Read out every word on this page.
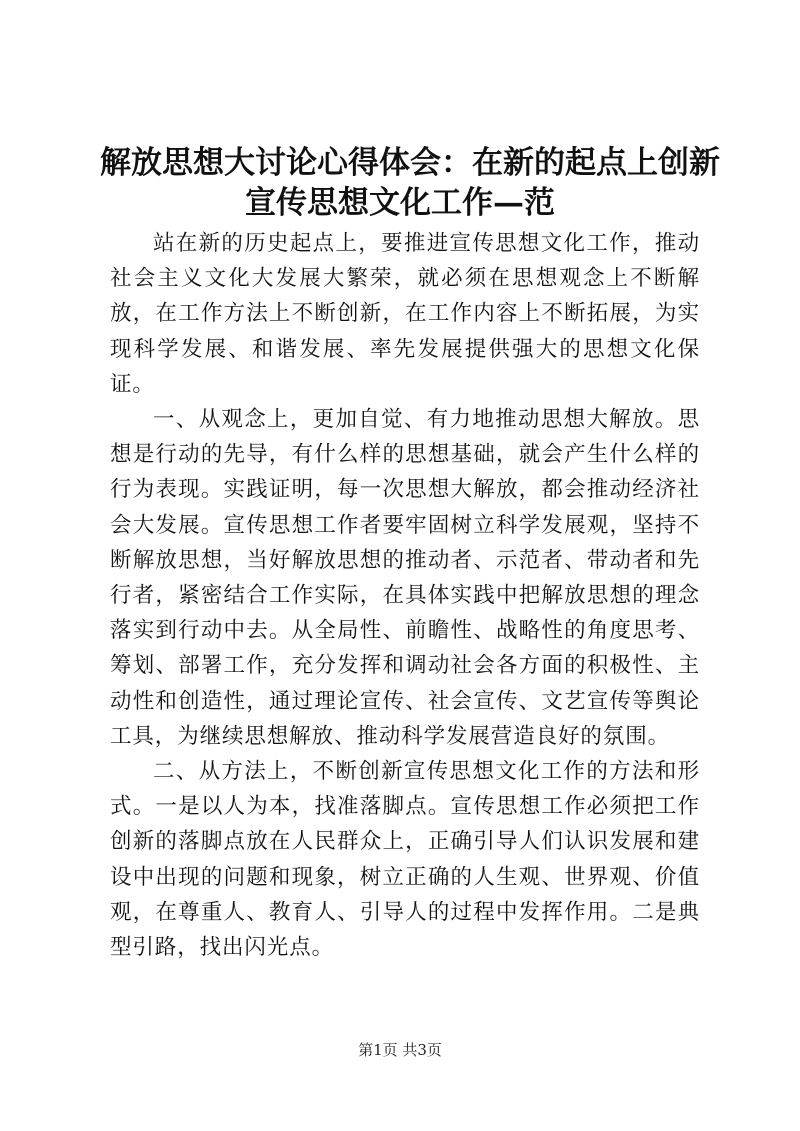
解放思想大讨论心得体会：在新的起点上创新
宣传思想文化工作—范

站在新的历史起点上，要推进宣传思想文化工作，推动社会主义文化大发展大繁荣，就必须在思想观念上不断解放，在工作方法上不断创新，在工作内容上不断拓展，为实现科学发展、和谐发展、率先发展提供强大的思想文化保证。

一、从观念上，更加自觉、有力地推动思想大解放。思想是行动的先导，有什么样的思想基础，就会产生什么样的行为表现。实践证明，每一次思想大解放，都会推动经济社会大发展。宣传思想工作者要牢固树立科学发展观，坚持不断解放思想，当好解放思想的推动者、示范者、带动者和先行者，紧密结合工作实际，在具体实践中把解放思想的理念落实到行动中去。从全局性、前瞻性、战略性的角度思考、筹划、部署工作，充分发挥和调动社会各方面的积极性、主动性和创造性，通过理论宣传、社会宣传、文艺宣传等舆论工具，为继续思想解放、推动科学发展营造良好的氛围。

二、从方法上，不断创新宣传思想文化工作的方法和形式。一是以人为本，找准落脚点。宣传思想工作必须把工作创新的落脚点放在人民群众上，正确引导人们认识发展和建设中出现的问题和现象，树立正确的人生观、世界观、价值观，在尊重人、教育人、引导人的过程中发挥作用。二是典型引路，找出闪光点。

第1页 共3页
